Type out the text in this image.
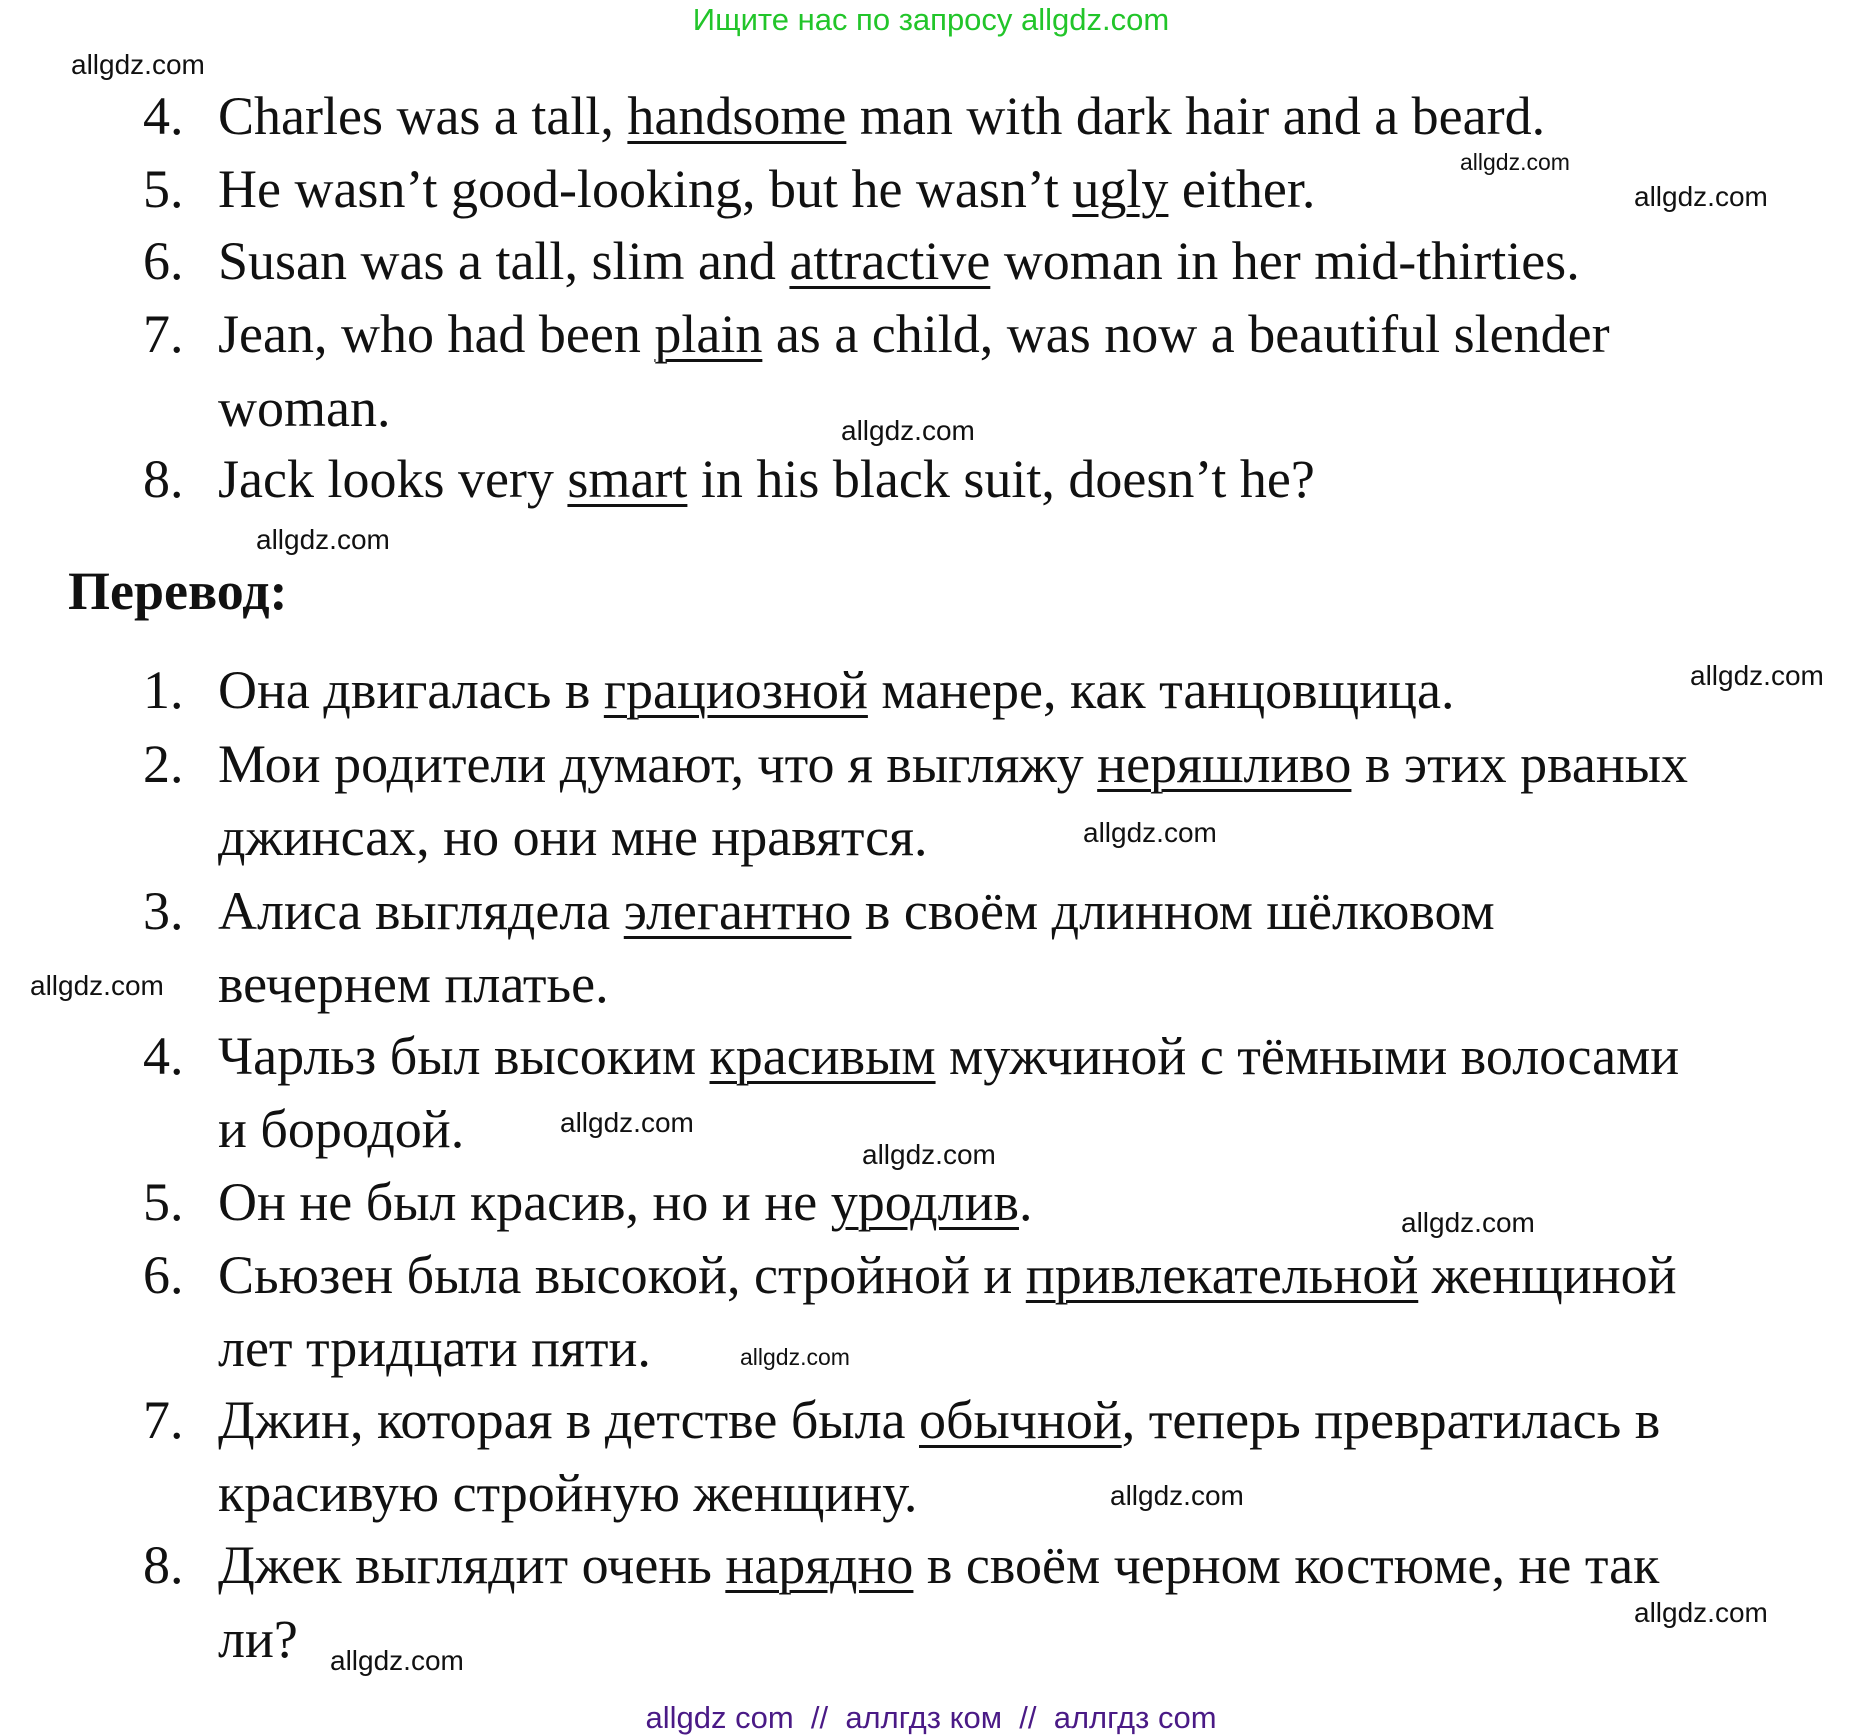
Ищите нас по запросу allgdz.com
Перевод:
4. Charles was a tall, handsome man with dark hair and a beard.
5. He wasn’t good-looking, but he wasn’t ugly either.
6. Susan was a tall, slim and attractive woman in her mid-thirties.
7. Jean, who had been plain as a child, was now a beautiful slender
woman.
8. Jack looks very smart in his black suit, doesn’t he?
1. Она двигалась в грациозной манере, как танцовщица.
2. Мои родители думают, что я выгляжу неряшливо в этих рваных
джинсах, но они мне нравятся.
3. Алиса выглядела элегантно в своём длинном шёлковом
вечернем платье.
4. Чарльз был высоким красивым мужчиной с тёмными волосами
и бородой.
5. Он не был красив, но и не уродлив.
6. Сьюзен была высокой, стройной и привлекательной женщиной
лет тридцати пяти.
7. Джин, которая в детстве была обычной, теперь превратилась в
красивую стройную женщину.
8. Джек выглядит очень нарядно в своём черном костюме, не так
ли?
allgdz.com
allgdz.com
allgdz.com
allgdz.com
allgdz.com
allgdz.com
allgdz.com
allgdz.com
allgdz.com
allgdz.com
allgdz.com
allgdz.com
allgdz.com
allgdz.com
allgdz.com
allgdz com  //  аллгдз ком  //  аллгдз com
